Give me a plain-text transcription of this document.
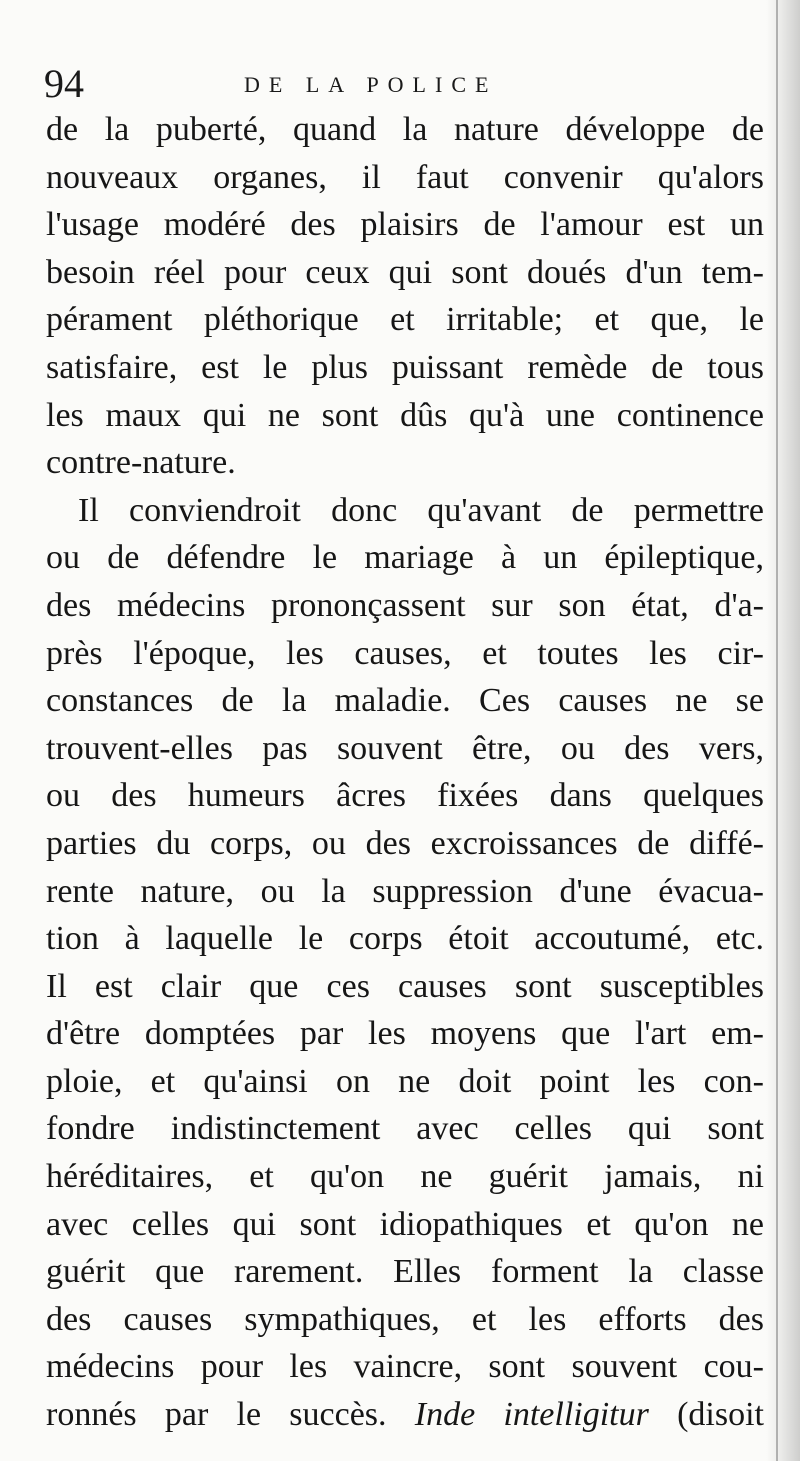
94	DE LA POLICE
de la puberté, quand la nature développe de
nouveaux organes, il faut convenir qu'alors
l'usage modéré des plaisirs de l'amour est un
besoin réel pour ceux qui sont doués d'un tem-
pérament pléthorique et irritable; et que, le
satisfaire, est le plus puissant remède de tous
les maux qui ne sont dûs qu'à une continence
contre-nature.
Il conviendroit donc qu'avant de permettre
ou de défendre le mariage à un épileptique,
des médecins prononçassent sur son état, d'a-
près l'époque, les causes, et toutes les cir-
constances de la maladie. Ces causes ne se
trouvent-elles pas souvent être, ou des vers,
ou des humeurs âcres fixées dans quelques
parties du corps, ou des excroissances de diffé-
rente nature, ou la suppression d'une évacua-
tion à laquelle le corps étoit accoutumé, etc.
Il est clair que ces causes sont susceptibles
d'être domptées par les moyens que l'art em-
ploie, et qu'ainsi on ne doit point les con-
fondre indistinctement avec celles qui sont
héréditaires, et qu'on ne guérit jamais, ni
avec celles qui sont idiopathiques et qu'on ne
guérit que rarement. Elles forment la classe
des causes sympathiques, et les efforts des
médecins pour les vaincre, sont souvent cou-
ronnés par le succès. Inde intelligitur (disoit
